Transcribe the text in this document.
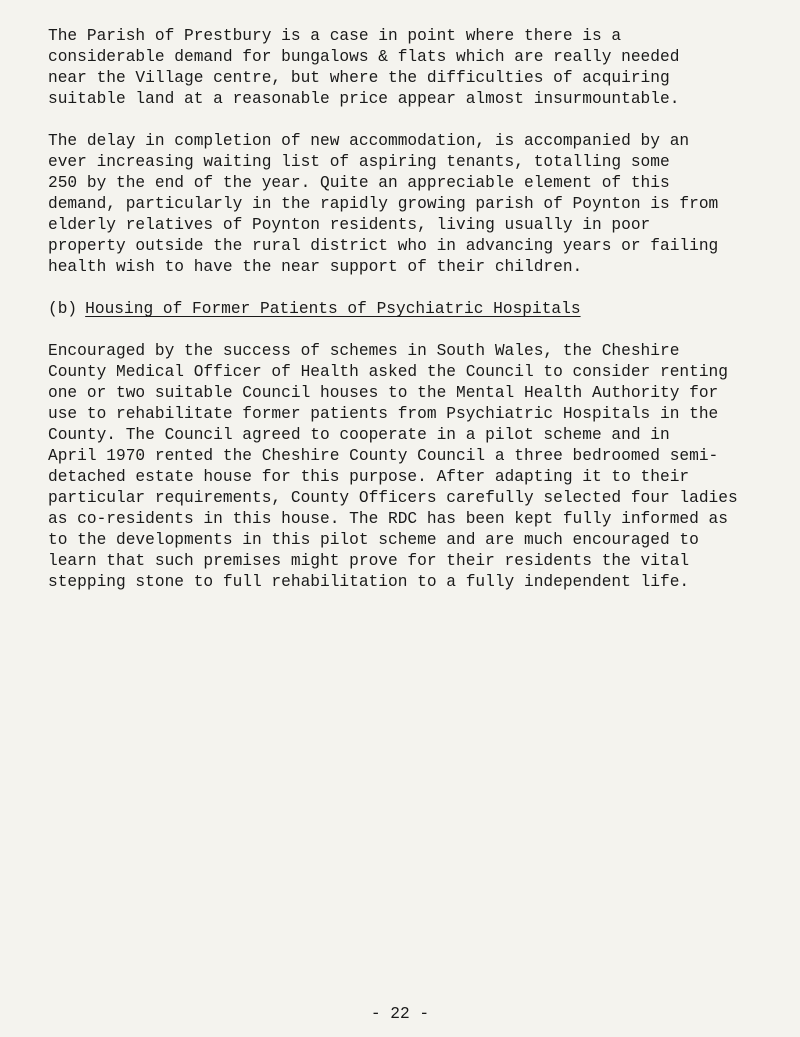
The Parish of Prestbury is a case in point where there is a
considerable demand for bungalows & flats which are really needed
near the Village centre, but where the difficulties of acquiring
suitable land at a reasonable price appear almost insurmountable.

The delay in completion of new accommodation, is accompanied by an
ever increasing waiting list of aspiring tenants, totalling some
250 by the end of the year. Quite an appreciable element of this
demand, particularly in the rapidly growing parish of Poynton is from
elderly relatives of Poynton residents, living usually in poor
property outside the rural district who in advancing years or failing
health wish to have the near support of their children.

(b) Housing of Former Patients of Psychiatric Hospitals

Encouraged by the success of schemes in South Wales, the Cheshire
County Medical Officer of Health asked the Council to consider renting
one or two suitable Council houses to the Mental Health Authority for
use to rehabilitate former patients from Psychiatric Hospitals in the
County. The Council agreed to cooperate in a pilot scheme and in
April 1970 rented the Cheshire County Council a three bedroomed semi-
detached estate house for this purpose. After adapting it to their
particular requirements, County Officers carefully selected four ladies
as co-residents in this house. The RDC has been kept fully informed as
to the developments in this pilot scheme and are much encouraged to
learn that such premises might prove for their residents the vital
stepping stone to full rehabilitation to a fully independent life.

- 22 -
